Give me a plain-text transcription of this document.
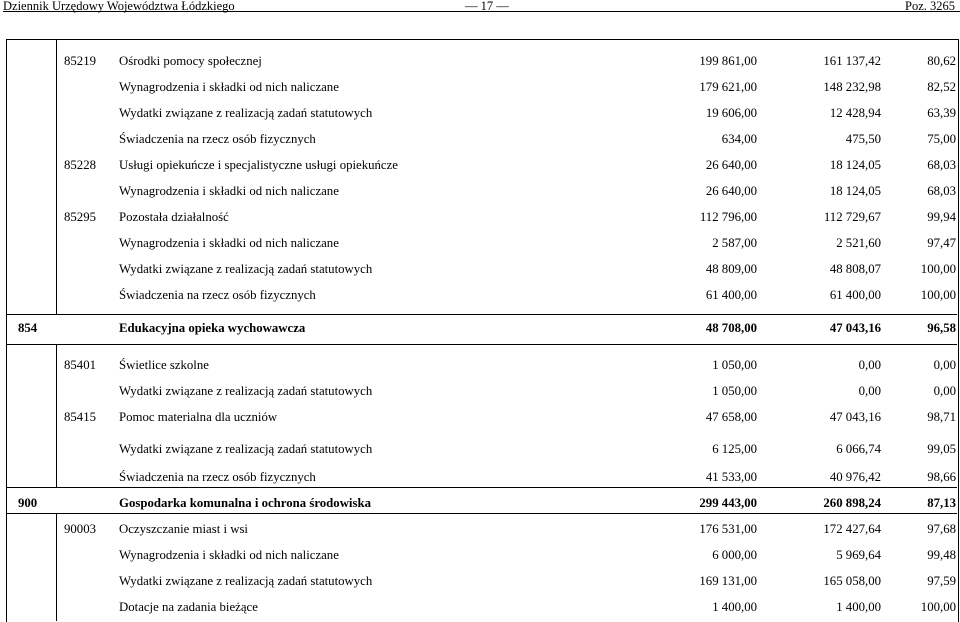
Dziennik Urzędowy Województwa Łódzkiego	— 17 —	Poz. 3265
85219 Ośrodki pomocy społecznej	199 861,00	161 137,42	80,62
Wynagrodzenia i składki od nich naliczane	179 621,00	148 232,98	82,52
Wydatki związane z realizacją zadań statutowych	19 606,00	12 428,94	63,39
Świadczenia na rzecz osób fizycznych	634,00	475,50	75,00
85228 Usługi opiekuńcze i specjalistyczne usługi opiekuńcze	26 640,00	18 124,05	68,03
Wynagrodzenia i składki od nich naliczane	26 640,00	18 124,05	68,03
85295 Pozostała działalność	112 796,00	112 729,67	99,94
Wynagrodzenia i składki od nich naliczane	2 587,00	2 521,60	97,47
Wydatki związane z realizacją zadań statutowych	48 809,00	48 808,07	100,00
Świadczenia na rzecz osób fizycznych	61 400,00	61 400,00	100,00
854	Edukacyjna opieka wychowawcza	48 708,00	47 043,16	96,58
85401 Świetlice szkolne	1 050,00	0,00	0,00
Wydatki związane z realizacją zadań statutowych	1 050,00	0,00	0,00
85415 Pomoc materialna dla uczniów	47 658,00	47 043,16	98,71
Wydatki związane z realizacją zadań statutowych	6 125,00	6 066,74	99,05
Świadczenia na rzecz osób fizycznych	41 533,00	40 976,42	98,66
900	Gospodarka komunalna i ochrona środowiska	299 443,00	260 898,24	87,13
90003 Oczyszczanie miast i wsi	176 531,00	172 427,64	97,68
Wynagrodzenia i składki od nich naliczane	6 000,00	5 969,64	99,48
Wydatki związane z realizacją zadań statutowych	169 131,00	165 058,00	97,59
Dotacje na zadania bieżące	1 400,00	1 400,00	100,00
